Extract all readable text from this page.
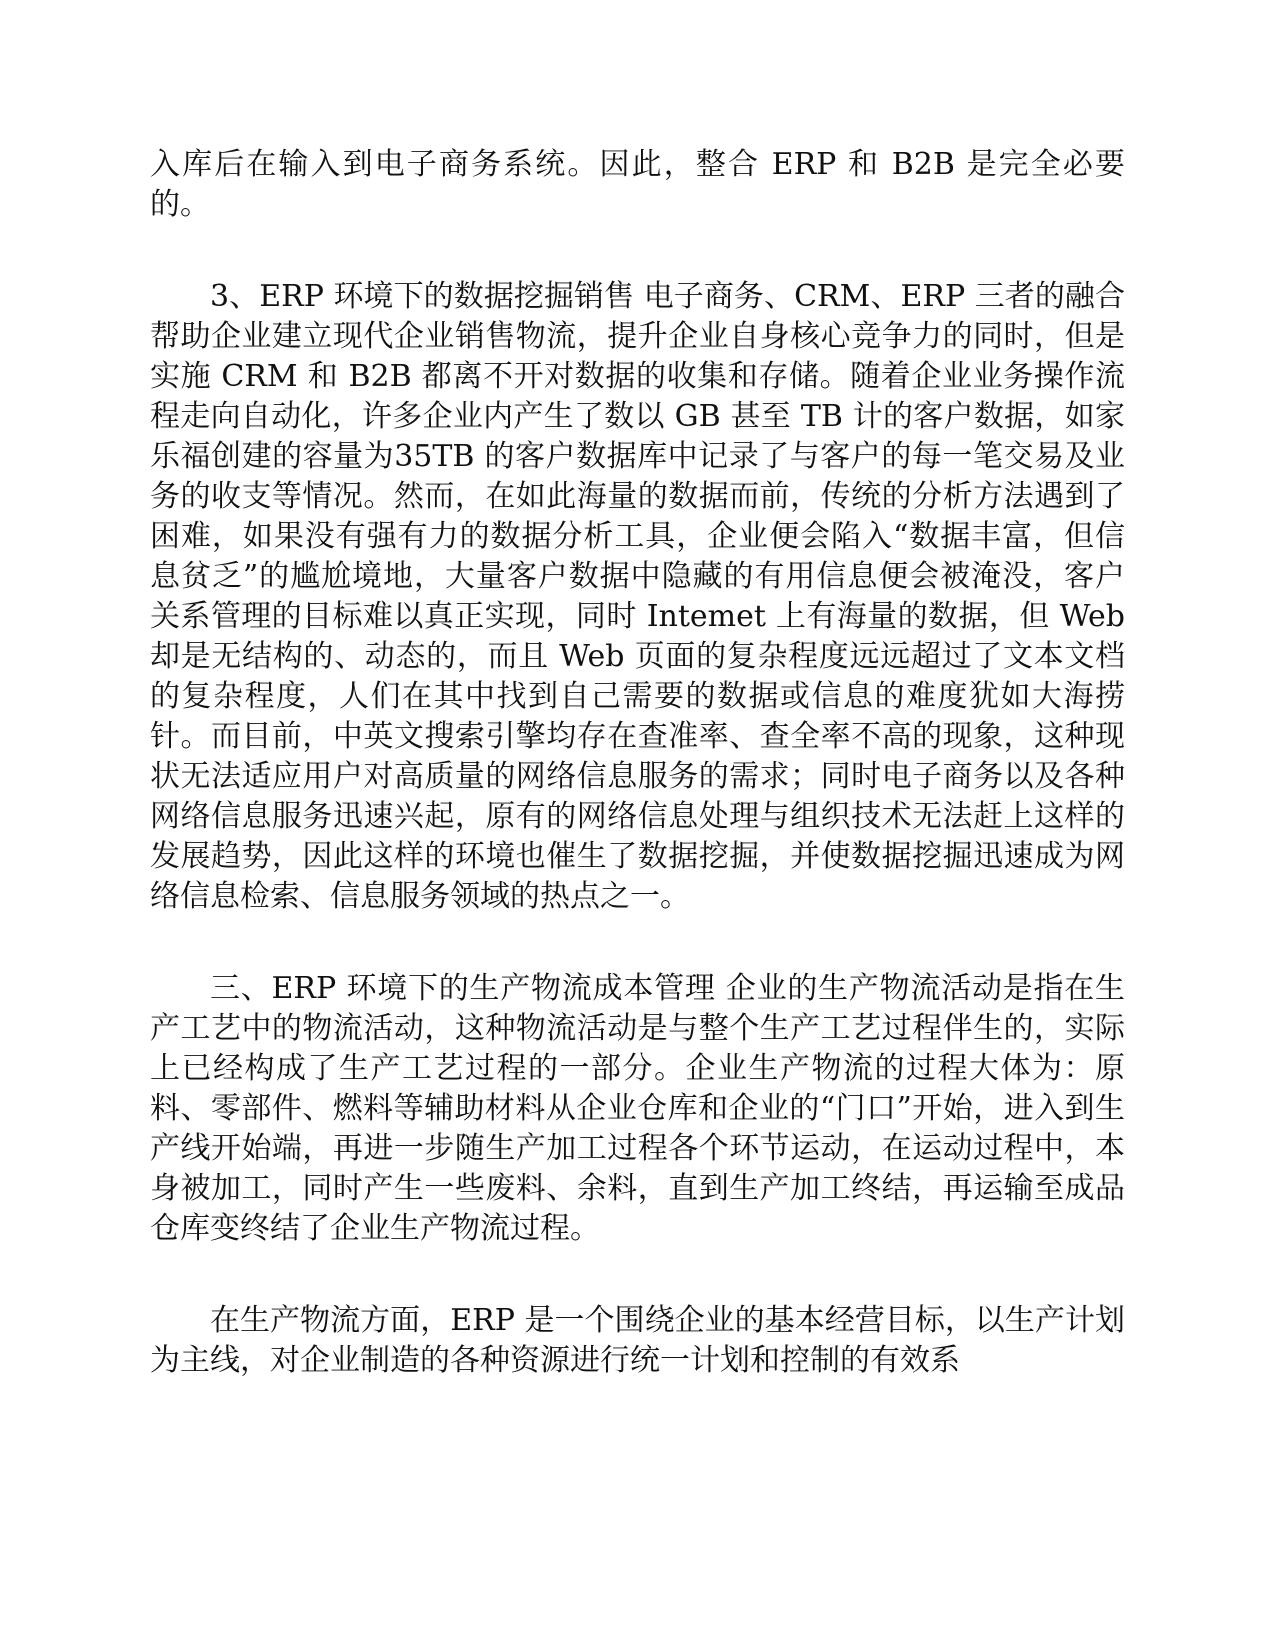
入库后在输入到电子商务系统。因此，整合 ERP 和 B2B 是完全必要的。

3、ERP 环境下的数据挖掘销售 电子商务、CRM、ERP 三者的融合帮助企业建立现代企业销售物流，提升企业自身核心竞争力的同时，但是实施 CRM 和 B2B 都离不开对数据的收集和存储。随着企业业务操作流程走向自动化，许多企业内产生了数以 GB 甚至 TB 计的客户数据，如家乐福创建的容量为35TB 的客户数据库中记录了与客户的每一笔交易及业务的收支等情况。然而，在如此海量的数据而前，传统的分析方法遇到了困难，如果没有强有力的数据分析工具，企业便会陷入“数据丰富，但信息贫乏”的尴尬境地，大量客户数据中隐藏的有用信息便会被淹没，客户关系管理的目标难以真正实现，同时 Intemet 上有海量的数据，但 Web 却是无结构的、动态的，而且 Web 页面的复杂程度远远超过了文本文档的复杂程度，人们在其中找到自己需要的数据或信息的难度犹如大海捞针。而目前，中英文搜索引擎均存在查准率、查全率不高的现象，这种现状无法适应用户对高质量的网络信息服务的需求；同时电子商务以及各种网络信息服务迅速兴起，原有的网络信息处理与组织技术无法赶上这样的发展趋势，因此这样的环境也催生了数据挖掘，并使数据挖掘迅速成为网络信息检索、信息服务领域的热点之一。

三、ERP 环境下的生产物流成本管理 企业的生产物流活动是指在生产工艺中的物流活动，这种物流活动是与整个生产工艺过程伴生的，实际上已经构成了生产工艺过程的一部分。企业生产物流的过程大体为：原料、零部件、燃料等辅助材料从企业仓库和企业的“门口”开始，进入到生产线开始端，再进一步随生产加工过程各个环节运动，在运动过程中，本身被加工，同时产生一些废料、余料，直到生产加工终结，再运输至成品仓库变终结了企业生产物流过程。

在生产物流方面，ERP 是一个围绕企业的基本经营目标，以生产计划为主线，对企业制造的各种资源进行统一计划和控制的有效系
